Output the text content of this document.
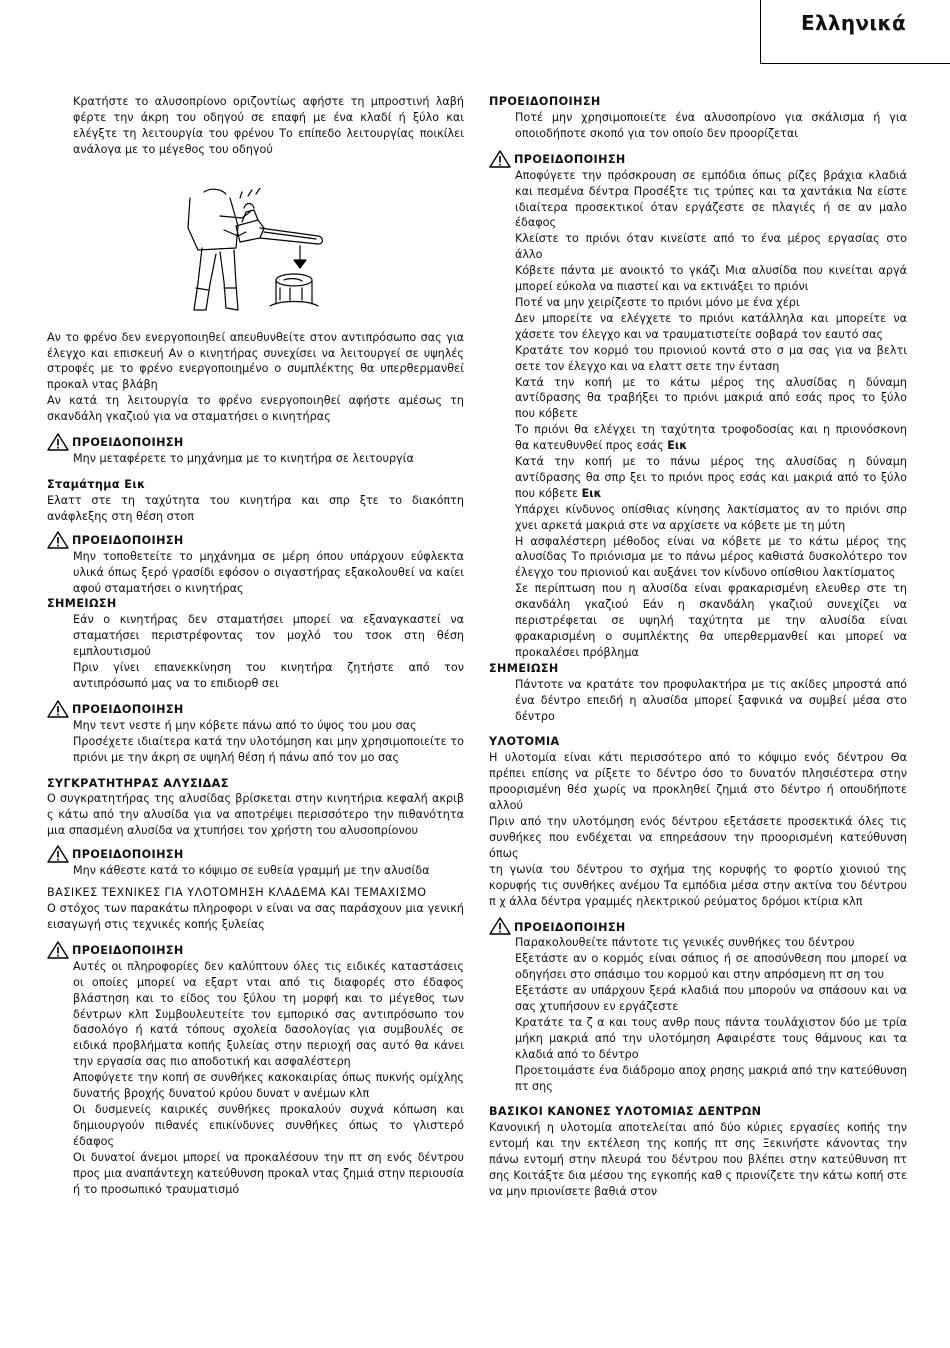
Ελληνικά

Κρατήστε το αλυσοπρίονο οριζοντίως αφήστε τη μπροστινή λαβή φέρτε την άκρη του οδηγού σε επαφή με ένα κλαδί ή ξύλο και ελέγξτε τη λειτουργία του φρένου Το επίπεδο λειτουργίας ποικίλει ανάλογα με το μέγεθος του οδηγού

Αν το φρένο δεν ενεργοποιηθεί απευθυνθείτε στον αντιπρόσωπο σας για έλεγχο και επισκευή Αν ο κινητήρας συνεχίσει να λειτουργεί σε υψηλές στροφές με το φρένο ενεργοποιημένο ο συμπλέκτης θα υπερθερμανθεί προκαλ ντας βλάβη

Αν κατά τη λειτουργία το φρένο ενεργοποιηθεί αφήστε αμέσως τη σκανδάλη γκαζιού για να σταματήσει ο κινητήρας

ΠΡΟΕΙΔΟΠΟΙΗΣΗ

Μην μεταφέρετε το μηχάνημα με το κινητήρα σε λειτουργία

Σταμάτημα Εικ

Ελαττ στε τη ταχύτητα του κινητήρα και σπρ ξτε το διακόπτη ανάφλεξης στη θέση στοπ

ΠΡΟΕΙΔΟΠΟΙΗΣΗ

Μην τοποθετείτε το μηχάνημα σε μέρη όπου υπάρχουν εύφλεκτα υλικά όπως ξερό γρασίδι εφόσον ο σιγαστήρας εξακολουθεί να καίει αφού σταματήσει ο κινητήρας

ΣΗΜΕΙΩΣΗ

Εάν ο κινητήρας δεν σταματήσει μπορεί να εξαναγκαστεί να σταματήσει περιστρέφοντας τον μοχλό του τσοκ στη θέση εμπλουτισμού

Πριν γίνει επανεκκίνηση του κινητήρα ζητήστε από τον αντιπρόσωπό μας να το επιδιορθ σει

ΠΡΟΕΙΔΟΠΟΙΗΣΗ

Μην τεντ νεστε ή μην κόβετε πάνω από το ύψος του μου σας

Προσέχετε ιδιαίτερα κατά την υλοτόμηση και μην χρησιμοποιείτε το πριόνι με την άκρη σε υψηλή θέση ή πάνω από τον μο σας

ΣΥΓΚΡΑΤΗΤΗΡΑΣ ΑΛΥΣΙΔΑΣ

Ο συγκρατητήρας της αλυσίδας βρίσκεται στην κινητήρια κεφαλή ακριβ ς κάτω από την αλυσίδα για να αποτρέψει περισσότερο την πιθανότητα μια σπασμένη αλυσίδα να χτυπήσει τον χρήστη του αλυσοπρίονου

ΠΡΟΕΙΔΟΠΟΙΗΣΗ

Μην κάθεστε κατά το κόψιμο σε ευθεία γραμμή με την αλυσίδα

ΒΑΣΙΚΕΣ ΤΕΧΝΙΚΕΣ ΓΙΑ ΥΛΟΤΟΜΗΣΗ ΚΛΑΔΕΜΑ ΚΑΙ ΤΕΜΑΧΙΣΜΟ

Ο στόχος των παρακάτω πληροφορι ν είναι να σας παράσχουν μια γενική εισαγωγή στις τεχνικές κοπής ξυλείας

ΠΡΟΕΙΔΟΠΟΙΗΣΗ

Αυτές οι πληροφορίες δεν καλύπτουν όλες τις ειδικές καταστάσεις οι οποίες μπορεί να εξαρτ νται από τις διαφορές στο έδαφος βλάστηση και το είδος του ξύλου τη μορφή και το μέγεθος των δέντρων κλπ Συμβουλευτείτε τον εμπορικό σας αντιπρόσωπο τον δασολόγο ή κατά τόπους σχολεία δασολογίας για συμβουλές σε ειδικά προβλήματα κοπής ξυλείας στην περιοχή σας αυτό θα κάνει την εργασία σας πιο αποδοτική και ασφαλέστερη

Αποφύγετε την κοπή σε συνθήκες κακοκαιρίας όπως πυκνής ομίχλης δυνατής βροχής δυνατού κρύου δυνατ ν ανέμων κλπ

Οι δυσμενείς καιρικές συνθήκες προκαλούν συχνά κόπωση και δημιουργούν πιθανές επικίνδυνες συνθήκες όπως το γλιστερό έδαφος

Οι δυνατοί άνεμοι μπορεί να προκαλέσουν την πτ ση ενός δέντρου προς μια αναπάντεχη κατεύθυνση προκαλ ντας ζημιά στην περιουσία ή το προσωπικό τραυματισμό

ΠΡΟΕΙΔΟΠΟΙΗΣΗ

Ποτέ μην χρησιμοποιείτε ένα αλυσοπρίονο για σκάλισμα ή για οποιοδήποτε σκοπό για τον οποίο δεν προορίζεται

ΠΡΟΕΙΔΟΠΟΙΗΣΗ

Αποφύγετε την πρόσκρουση σε εμπόδια όπως ρίζες βράχια κλαδιά και πεσμένα δέντρα Προσέξτε τις τρύπες και τα χαντάκια Να είστε ιδιαίτερα προσεκτικοί όταν εργάζεστε σε πλαγιές ή σε αν μαλο έδαφος

Κλείστε το πριόνι όταν κινείστε από το ένα μέρος εργασίας στο άλλο

Κόβετε πάντα με ανοικτό το γκάζι Μια αλυσίδα που κινείται αργά μπορεί εύκολα να πιαστεί και να εκτινάξει το πριόνι

Ποτέ να μην χειρίζεστε το πριόνι μόνο με ένα χέρι

Δεν μπορείτε να ελέγχετε το πριόνι κατάλληλα και μπορείτε να χάσετε τον έλεγχο και να τραυματιστείτε σοβαρά τον εαυτό σας

Κρατάτε τον κορμό του πριονιού κοντά στο σ μα σας για να βελτι σετε τον έλεγχο και να ελαττ σετε την ένταση

Κατά την κοπή με το κάτω μέρος της αλυσίδας η δύναμη αντίδρασης θα τραβήξει το πριόνι μακριά από εσάς προς το ξύλο που κόβετε

Το πριόνι θα ελέγχει τη ταχύτητα τροφοδοσίας και η πριονόσκονη θα κατευθυνθεί προς εσάς Εικ

Κατά την κοπή με το πάνω μέρος της αλυσίδας η δύναμη αντίδρασης θα σπρ ξει το πριόνι προς εσάς και μακριά από το ξύλο που κόβετε Εικ

Υπάρχει κίνδυνος οπίσθιας κίνησης λακτίσματος αν το πριόνι σπρ χνει αρκετά μακριά στε να αρχίσετε να κόβετε με τη μύτη

Η ασφαλέστερη μέθοδος είναι να κόβετε με το κάτω μέρος της αλυσίδας Το πριόνισμα με το πάνω μέρος καθιστά δυσκολότερο τον έλεγχο του πριονιού και αυξάνει τον κίνδυνο οπίσθιου λακτίσματος

Σε περίπτωση που η αλυσίδα είναι φρακαρισμένη ελευθερ στε τη σκανδάλη γκαζιού Εάν η σκανδάλη γκαζιού συνεχίζει να περιστρέφεται σε υψηλή ταχύτητα με την αλυσίδα είναι φρακαρισμένη ο συμπλέκτης θα υπερθερμανθεί και μπορεί να προκαλέσει πρόβλημα

ΣΗΜΕΙΩΣΗ

Πάντοτε να κρατάτε τον προφυλακτήρα με τις ακίδες μπροστά από ένα δέντρο επειδή η αλυσίδα μπορεί ξαφνικά να συμβεί μέσα στο δέντρο

ΥΛΟΤΟΜΙΑ

Η υλοτομία είναι κάτι περισσότερο από το κόψιμο ενός δέντρου Θα πρέπει επίσης να ρίξετε το δέντρο όσο το δυνατόν πλησιέστερα στην προορισμένη θέσ χωρίς να προκληθεί ζημιά στο δέντρο ή οπουδήποτε αλλού

Πριν από την υλοτόμηση ενός δέντρου εξετάσετε προσεκτικά όλες τις συνθήκες που ενδέχεται να επηρεάσουν την προορισμένη κατεύθυνση όπως

τη γωνία του δέντρου το σχήμα της κορυφής το φορτίο χιονιού της κορυφής τις συνθήκες ανέμου Τα εμπόδια μέσα στην ακτίνα του δέντρου π χ άλλα δέντρα γραμμές ηλεκτρικού ρεύματος δρόμοι κτίρια κλπ

ΠΡΟΕΙΔΟΠΟΙΗΣΗ

Παρακολουθείτε πάντοτε τις γενικές συνθήκες του δέντρου

Εξετάστε αν ο κορμός είναι σάπιος ή σε αποσύνθεση που μπορεί να οδηγήσει στο σπάσιμο του κορμού και στην απρόσμενη πτ ση του

Εξετάστε αν υπάρχουν ξερά κλαδιά που μπορούν να σπάσουν και να σας χτυπήσουν εν εργάζεστε

Κρατάτε τα ζ α και τους ανθρ πους πάντα τουλάχιστον δύο με τρία μήκη μακριά από την υλοτόμηση Αφαιρέστε τους θάμνους και τα κλαδιά από το δέντρο

Προετοιμάστε ένα διάδρομο αποχ ρησης μακριά από την κατεύθυνση πτ σης

ΒΑΣΙΚΟΙ ΚΑΝΟΝΕΣ ΥΛΟΤΟΜΙΑΣ ΔΕΝΤΡΩΝ

Κανονική η υλοτομία αποτελείται από δύο κύριες εργασίες κοπής την εντομή και την εκτέλεση της κοπής πτ σης Ξεκινήστε κάνοντας την πάνω εντομή στην πλευρά του δέντρου που βλέπει στην κατεύθυνση πτ σης Κοιτάξτε δια μέσου της εγκοπής καθ ς πριονίζετε την κάτω κοπή στε να μην πριονίσετε βαθιά στον
